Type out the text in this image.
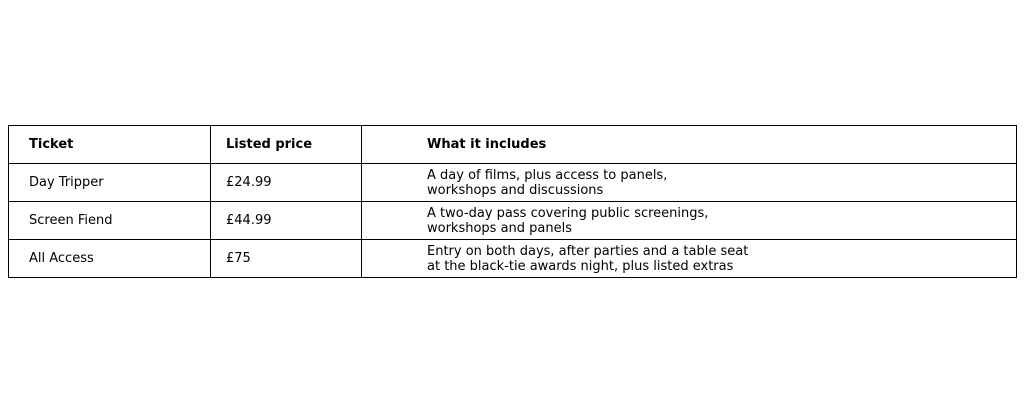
Ticket	Listed price	What it includes
Day Tripper	£24.99	A day of films, plus access to panels,
workshops and discussions

Screen Fiend	£44.99	A two-day pass covering public screenings,
workshops and panels

All Access	£75	Entry on both days, after parties and a table seat
at the black-tie awards night, plus listed extras
